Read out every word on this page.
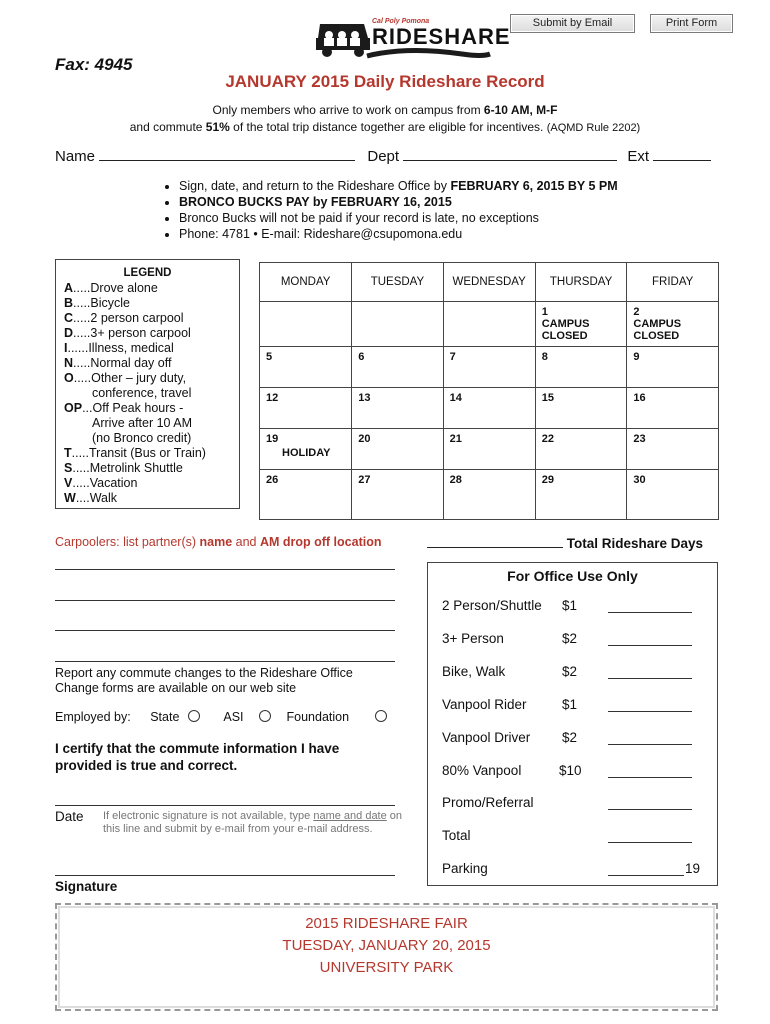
Submit by Email	Print Form
Cal Poly Pomona
RIDESHARE
Fax: 4945
JANUARY 2015 Daily Rideshare Record
Only members who arrive to work on campus from 6-10 AM, M-F
and commute 51% of the total trip distance together are eligible for incentives. (AQMD Rule 2202)
Name	Dept	Ext
• Sign, date, and return to the Rideshare Office by FEBRUARY 6, 2015 BY 5 PM
• BRONCO BUCKS PAY by FEBRUARY 16, 2015
• Bronco Bucks will not be paid if your record is late, no exceptions
• Phone: 4781 • E-mail: Rideshare@csupomona.edu
LEGEND
A.....Drove alone
B.....Bicycle
C.....2 person carpool
D.....3+ person carpool
I......Illness, medical
N.....Normal day off
O.....Other – jury duty,
conference, travel
OP...Off Peak hours -
Arrive after 10 AM
(no Bronco credit)
T.....Transit (Bus or Train)
S.....Metrolink Shuttle
V.....Vacation
W....Walk
MONDAY	TUESDAY	WEDNESDAY	THURSDAY	FRIDAY

			1
CAMPUS
CLOSED	2
CAMPUS
CLOSED

5	6	7	8	9

12	13	14	15	16

19
HOLIDAY	20	21	22	23

26	27	28	29	30
Carpoolers: list partner(s) name and AM drop off location	Total Rideshare Days
For Office Use Only
2 Person/Shuttle $1
3+ Person	$2
Bike, Walk	$2
Vanpool Rider	$1
Vanpool Driver $2
80% Vanpool	$10
Promo/Referral
Total
Parking	19
Report any commute changes to the Rideshare Office
Change forms are available on our web site
Employed by: State	ASI	Foundation
I certify that the commute information I have provided is true and correct.
Date If electronic signature is not available, type name and date on this line and submit by e-mail from your e-mail address.
Signature
2015 RIDESHARE FAIR
TUESDAY, JANUARY 20, 2015
UNIVERSITY PARK
